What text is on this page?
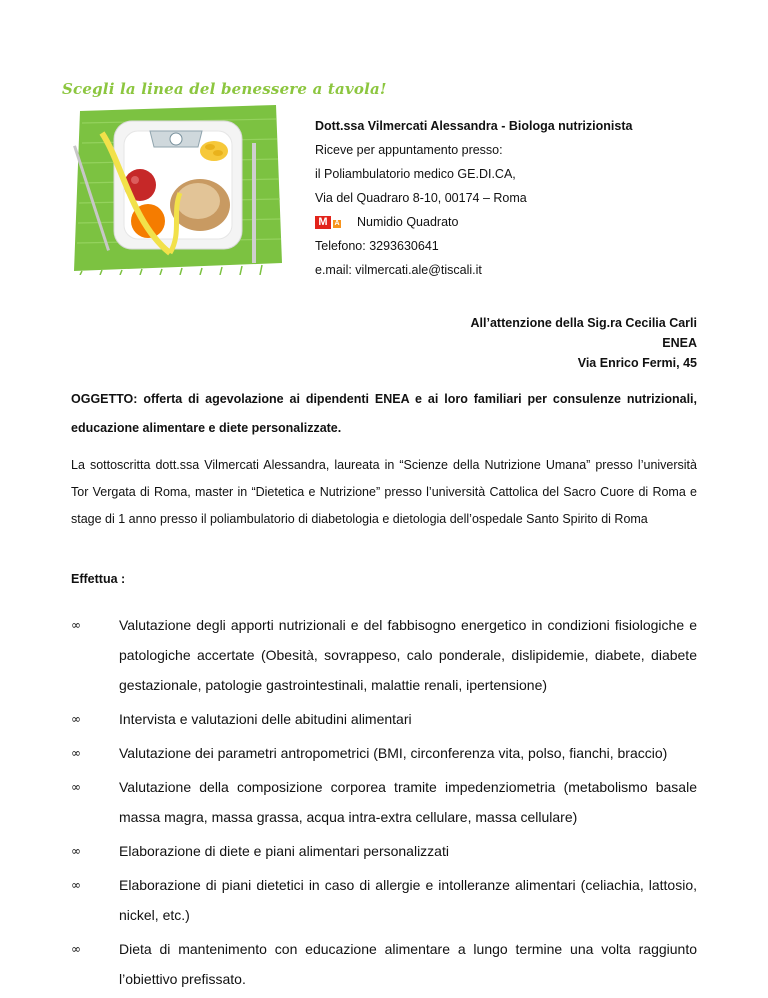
Scegli la linea del benessere a tavola!
Dott.ssa Vilmercati Alessandra - Biologa nutrizionista
Riceve per appuntamento presso:
il Poliambulatorio medico GE.DI.CA,
Via del Quadraro 8-10, 00174 – Roma
M A Numidio Quadrato
Telefono: 3293630641
e.mail: vilmercati.ale@tiscali.it
All’attenzione della Sig.ra Cecilia Carli
ENEA
Via Enrico Fermi, 45
OGGETTO: offerta di agevolazione ai dipendenti ENEA e ai loro familiari per consulenze nutrizionali, educazione alimentare e diete personalizzate.
La sottoscritta dott.ssa Vilmercati Alessandra, laureata in “Scienze della Nutrizione Umana” presso l’università Tor Vergata di Roma, master in “Dietetica e Nutrizione” presso l’università Cattolica del Sacro Cuore di Roma e stage di 1 anno presso il poliambulatorio di diabetologia e dietologia dell’ospedale Santo Spirito di Roma
Effettua :
∞	Valutazione degli apporti nutrizionali e del fabbisogno energetico in condizioni fisiologiche e patologiche accertate (Obesità, sovrappeso, calo ponderale, dislipidemie, diabete, diabete gestazionale, patologie gastrointestinali, malattie renali, ipertensione)
∞	Intervista e valutazioni delle abitudini alimentari
∞	Valutazione dei parametri antropometrici (BMI, circonferenza vita, polso, fianchi, braccio)
∞	Valutazione della composizione corporea tramite impedenziometria (metabolismo basale massa magra, massa grassa, acqua intra-extra cellulare, massa cellulare)
∞	Elaborazione di diete e piani alimentari personalizzati
∞	Elaborazione di piani dietetici in caso di allergie e intolleranze alimentari (celiachia, lattosio, nickel, etc.)
∞	Dieta di mantenimento con educazione alimentare a lungo termine una volta raggiunto l’obiettivo prefissato.
